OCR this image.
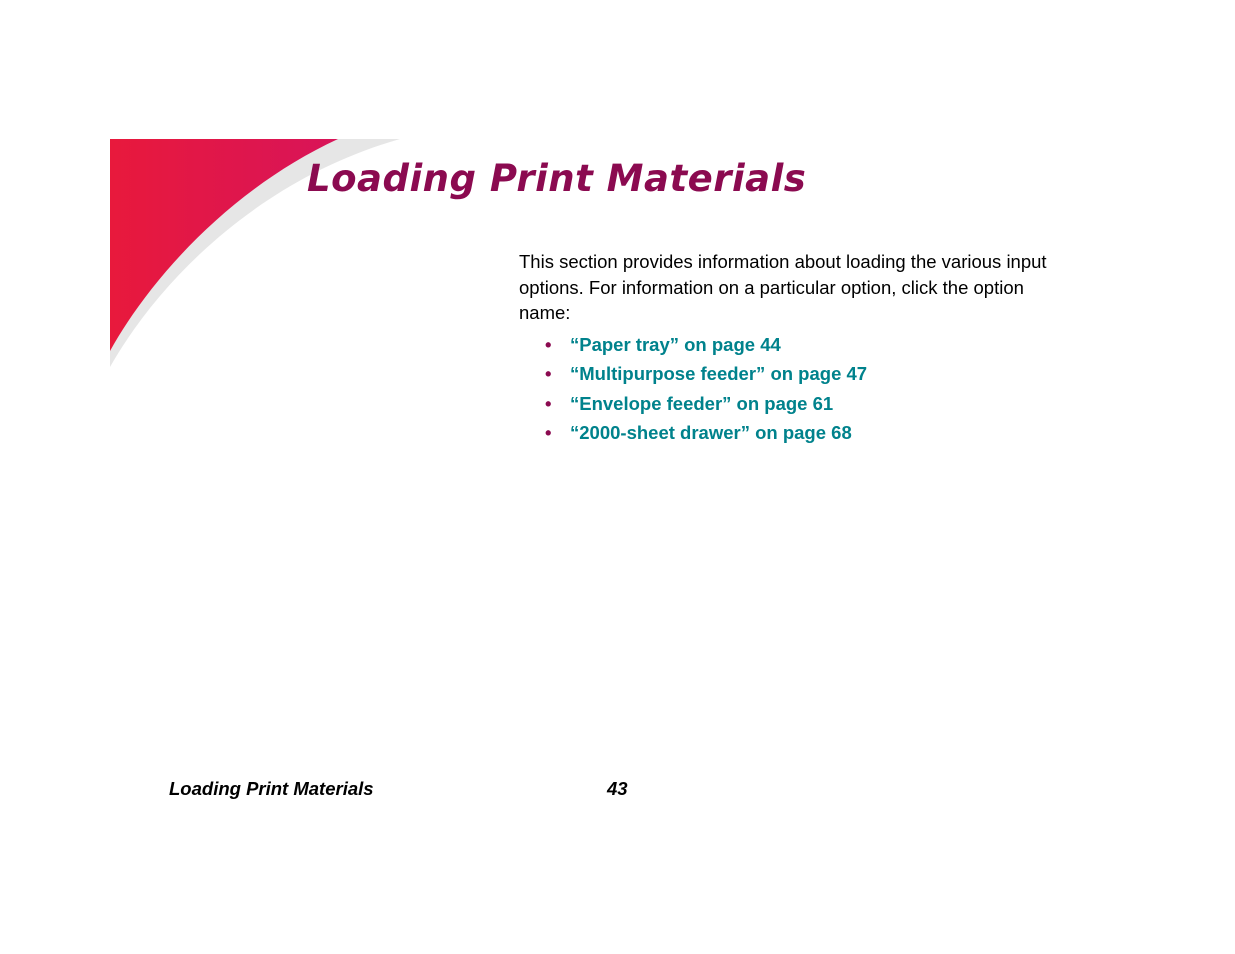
Loading Print Materials

This section provides information about loading the various input options. For information on a particular option, click the option name:

•	“Paper tray” on page 44
•	“Multipurpose feeder” on page 47
•	“Envelope feeder” on page 61
•	“2000-sheet drawer” on page 68

Loading Print Materials	43
